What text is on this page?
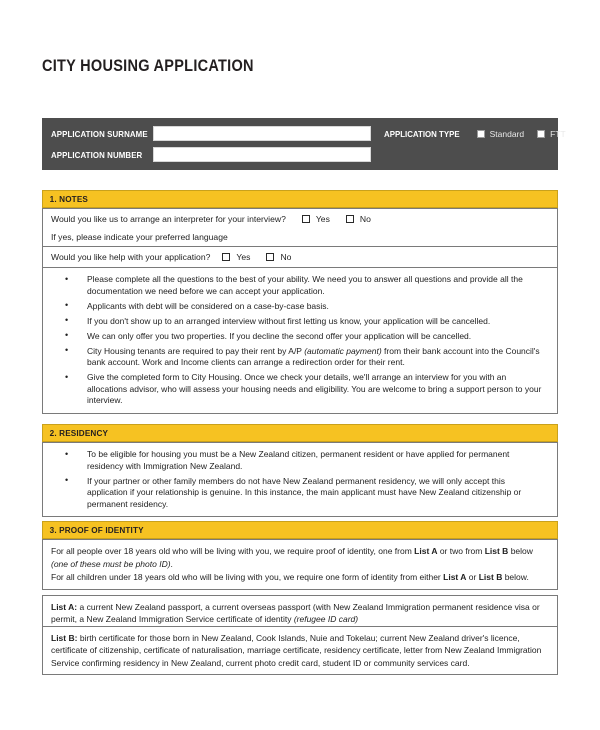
CITY HOUSING APPLICATION
APPLICATION SURNAME	APPLICATION TYPE	Standard	FTT
APPLICATION NUMBER
1. NOTES
Would you like us to arrange an interpreter for your interview?	Yes	No
If yes, please indicate your preferred language
Would you like help with your application?	Yes	No
• Please complete all the questions to the best of your ability. We need you to answer all questions and provide all the documentation we need before we can accept your application.
• Applicants with debt will be considered on a case-by-case basis.
• If you don't show up to an arranged interview without first letting us know, your application will be cancelled.
• We can only offer you two properties. If you decline the second offer your application will be cancelled.
• City Housing tenants are required to pay their rent by A/P (automatic payment) from their bank account into the Council's bank account. Work and Income clients can arrange a redirection order for their rent.
• Give the completed form to City Housing. Once we check your details, we'll arrange an interview for you with an allocations advisor, who will assess your housing needs and eligibility. You are welcome to bring a support person to your interview.
2. RESIDENCY
• To be eligible for housing you must be a New Zealand citizen, permanent resident or have applied for permanent residency with Immigration New Zealand.
• If your partner or other family members do not have New Zealand permanent residency, we will only accept this application if your relationship is genuine. In this instance, the main applicant must have New Zealand citizenship or permanent residency.
3. PROOF OF IDENTITY

For all people over 18 years old who will be living with you, we require proof of identity, one from List A or two from List B below (one of these must be photo ID).

For all children under 18 years old who will be living with you, we require one form of identity from either List A or List B below.

List A: a current New Zealand passport, a current overseas passport (with New Zealand Immigration permanent residence visa or permit, a New Zealand Immigration Service certificate of identity (refugee ID card)

List B: birth certificate for those born in New Zealand, Cook Islands, Nuie and Tokelau; current New Zealand driver's licence, certificate of citizenship, certificate of naturalisation, marriage certificate, residency certificate, letter from New Zealand Immigration Service confirming residency in New Zealand, current photo credit card, student ID or community services card.
